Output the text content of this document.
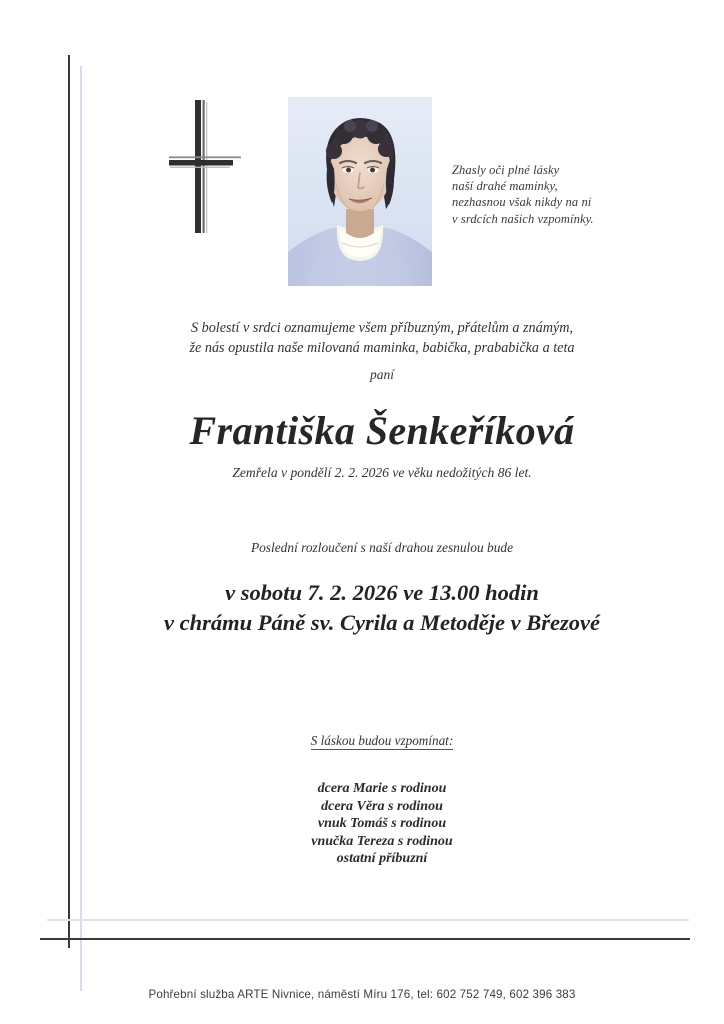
Zhasly oči plné lásky
naší drahé maminky,
nezhasnou však nikdy na ni
v srdcích našich vzpomínky.
S bolestí v srdci oznamujeme všem příbuzným, přátelům a známým,
že nás opustila naše milovaná maminka, babička, prababička a teta
paní
Františka Šenkeříková
Zemřela v pondělí 2. 2. 2026 ve věku nedožitých 86 let.
Poslední rozloučení s naší drahou zesnulou bude
v sobotu 7. 2. 2026 ve 13.00 hodin
v chrámu Páně sv. Cyrila a Metoděje v Březové
S láskou budou vzpomínat:
dcera Marie s rodinou
dcera Věra s rodinou
vnuk Tomáš s rodinou
vnučka Tereza s rodinou
ostatní příbuzní
Pohřební služba ARTE Nivnice, náměstí Míru 176, tel: 602 752 749, 602 396 383
